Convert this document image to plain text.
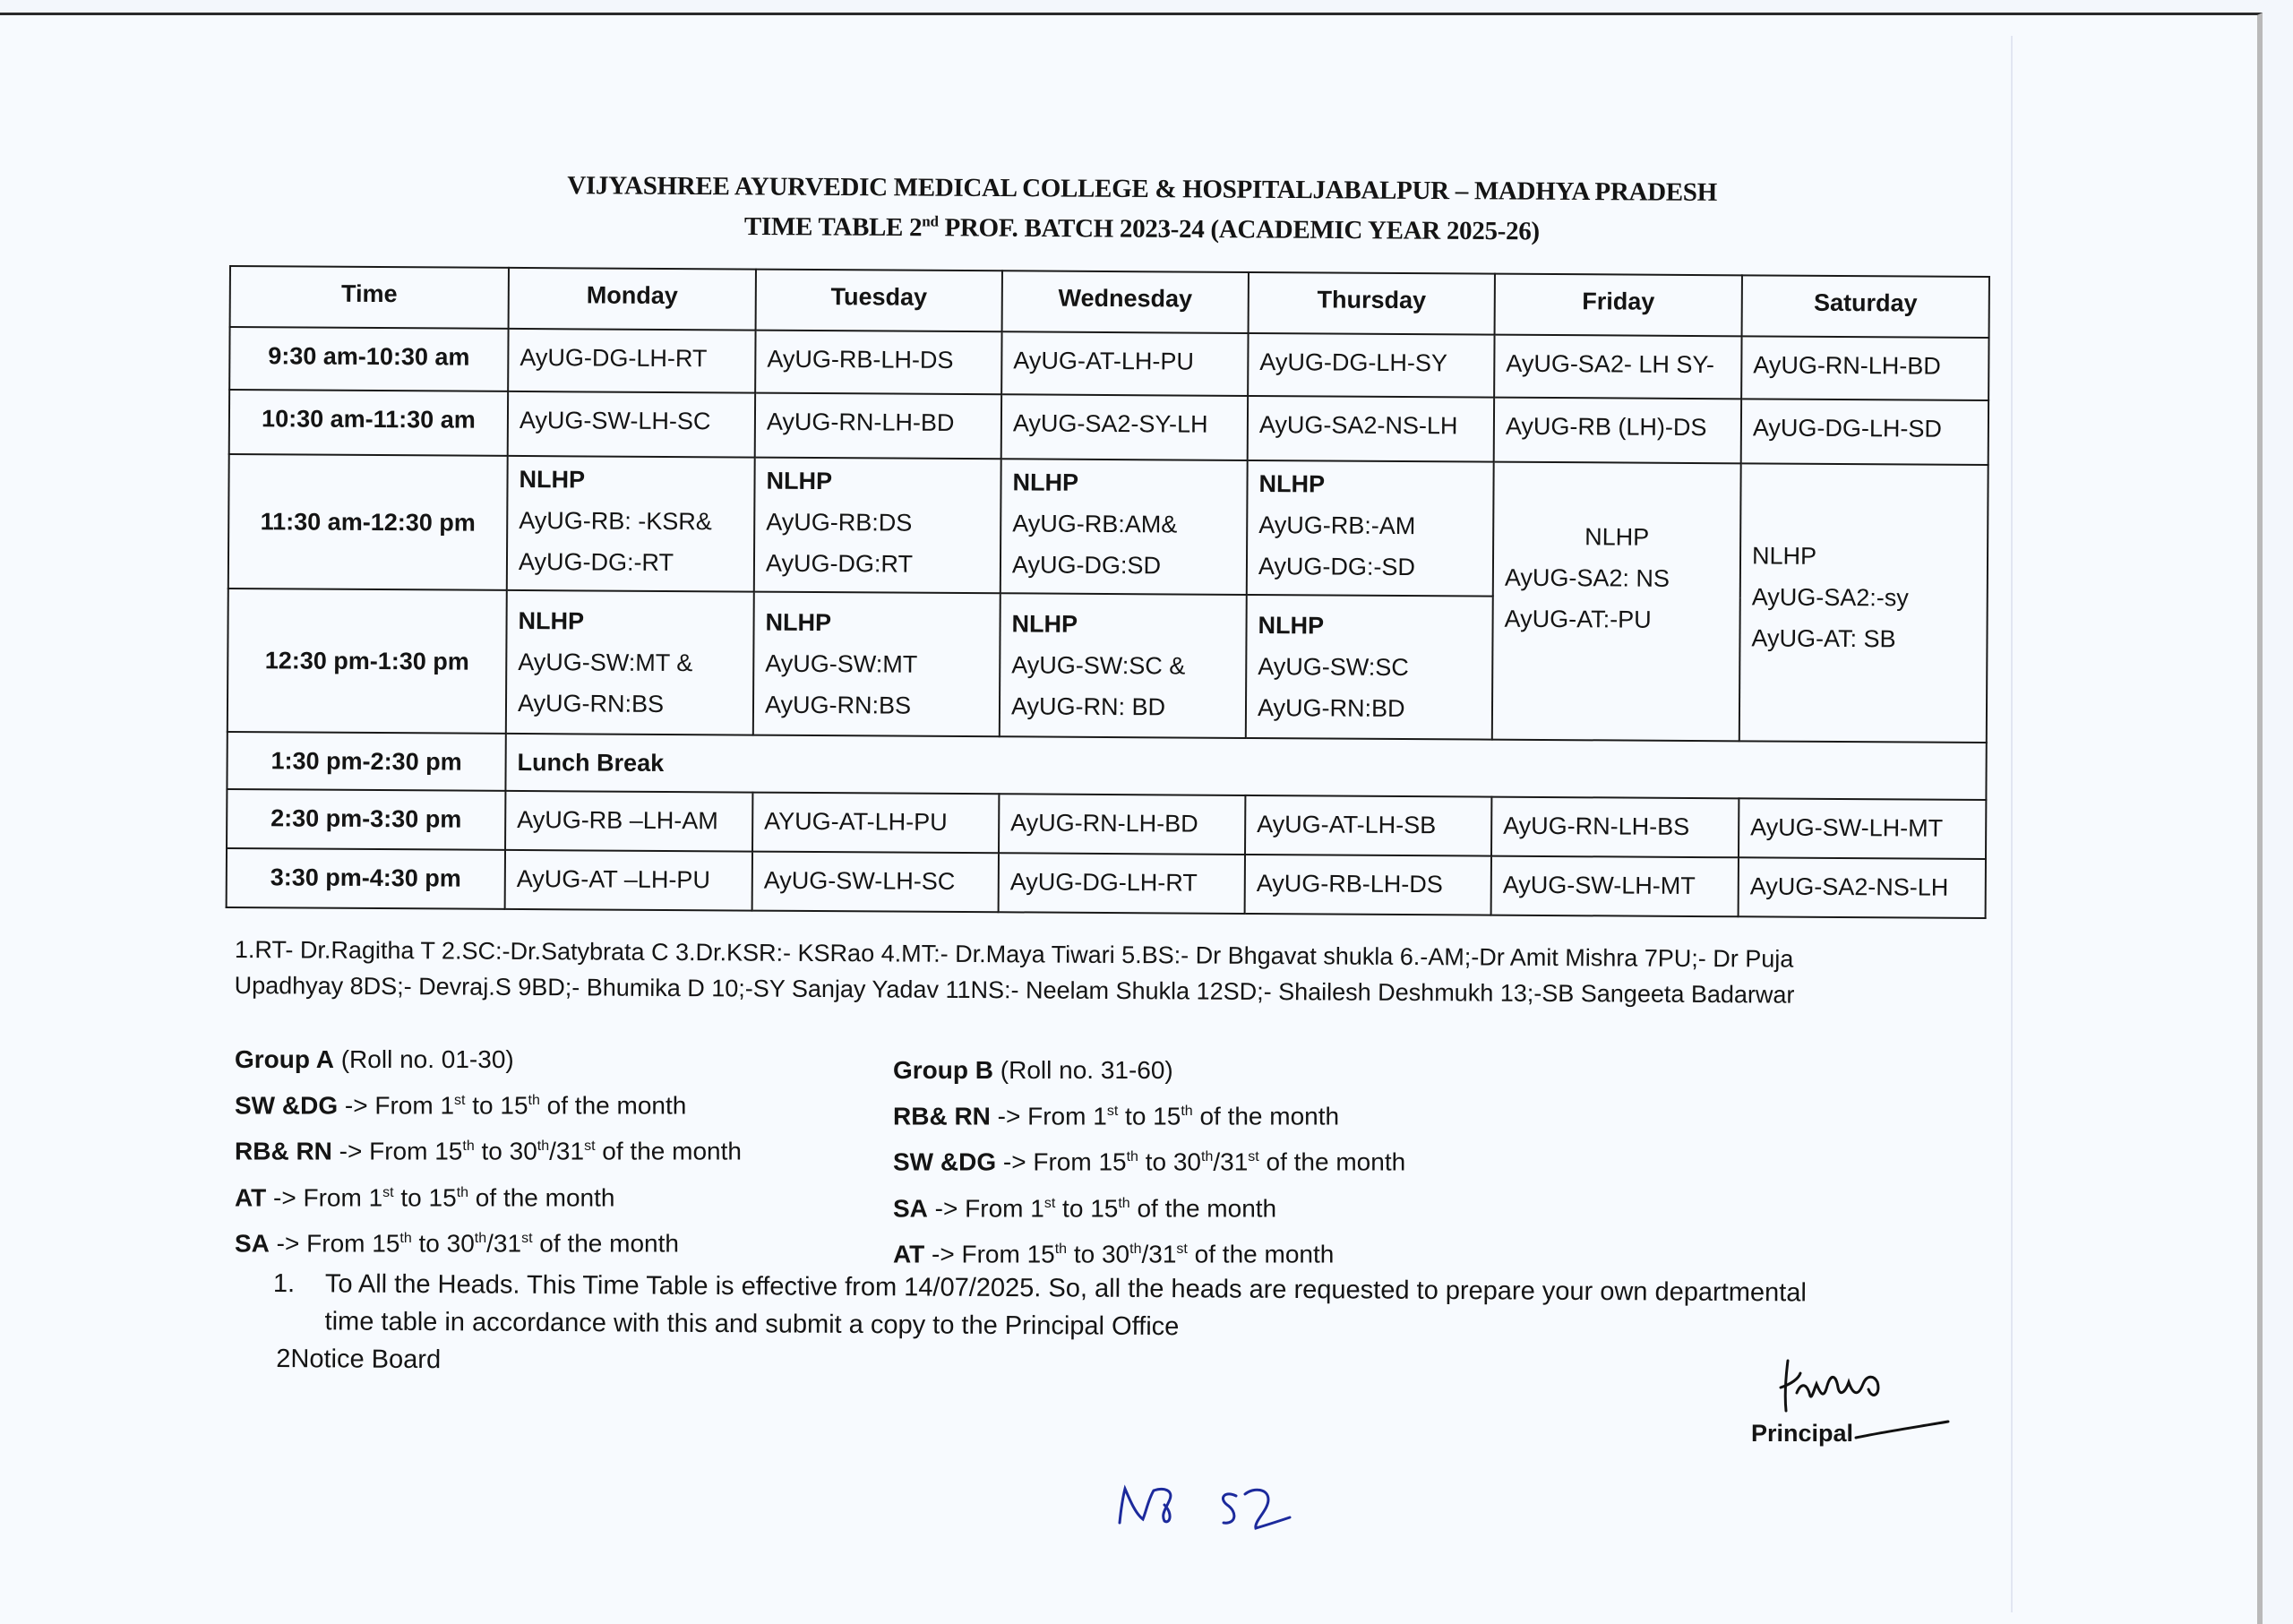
VIJYASHREE AYURVEDIC MEDICAL COLLEGE & HOSPITALJABALPUR – MADHYA PRADESH
TIME TABLE 2nd PROF. BATCH 2023-24 (ACADEMIC YEAR 2025-26)
Time	Monday	Tuesday	Wednesday	Thursday	Friday	Saturday
9:30 am-10:30 am	AyUG-DG-LH-RT	AyUG-RB-LH-DS	AyUG-AT-LH-PU	AyUG-DG-LH-SY	AyUG-SA2- LH SY-	AyUG-RN-LH-BD
10:30 am-11:30 am	AyUG-SW-LH-SC	AyUG-RN-LH-BD	AyUG-SA2-SY-LH	AyUG-SA2-NS-LH	AyUG-RB (LH)-DS	AyUG-DG-LH-SD
11:30 am-12:30 pm	NLHP
AyUG-RB: -KSR&
AyUG-DG:-RT	NLHP
AyUG-RB:DS
AyUG-DG:RT	NLHP
AyUG-RB:AM&
AyUG-DG:SD	NLHP
AyUG-RB:-AM
AyUG-DG:-SD	NLHP
AyUG-SA2: NS
AyUG-AT:-PU	NLHP
AyUG-SA2:-sy
AyUG-AT: SB

12:30 pm-1:30 pm	NLHP
AyUG-SW:MT &
AyUG-RN:BS	NLHP
AyUG-SW:MT
AyUG-RN:BS	NLHP
AyUG-SW:SC &
AyUG-RN: BD	NLHP
AyUG-SW:SC
AyUG-RN:BD		

1:30 pm-2:30 pm	Lunch Break					
2:30 pm-3:30 pm	AyUG-RB –LH-AM	AYUG-AT-LH-PU	AyUG-RN-LH-BD	AyUG-AT-LH-SB	AyUG-RN-LH-BS	AyUG-SW-LH-MT
3:30 pm-4:30 pm	AyUG-AT –LH-PU	AyUG-SW-LH-SC	AyUG-DG-LH-RT	AyUG-RB-LH-DS	AyUG-SW-LH-MT	AyUG-SA2-NS-LH
1.RT- Dr.Ragitha T 2.SC:-Dr.Satybrata C 3.Dr.KSR:- KSRao 4.MT:- Dr.Maya Tiwari 5.BS:- Dr Bhgavat shukla 6.-AM;-Dr Amit Mishra 7PU;- Dr Puja
Upadhyay 8DS;- Devraj.S 9BD;- Bhumika D 10;-SY Sanjay Yadav 11NS:- Neelam Shukla 12SD;- Shailesh Deshmukh 13;-SB Sangeeta Badarwar
Group A (Roll no. 01-30)
SW &DG -> From 1st to 15th of the month
RB& RN -> From 15th to 30th/31st of the month
AT -> From 1st to 15th of the month
SA -> From 15th to 30th/31st of the month
Group B (Roll no. 31-60)
RB& RN -> From 1st to 15th of the month
SW &DG -> From 15th to 30th/31st of the month
SA -> From 1st to 15th of the month
AT -> From 15th to 30th/31st of the month
1.	To All the Heads. This Time Table is effective from 14/07/2025. So, all the heads are requested to prepare your own departmental time table in accordance with this and submit a copy to the Principal Office
2Notice Board
Principal
